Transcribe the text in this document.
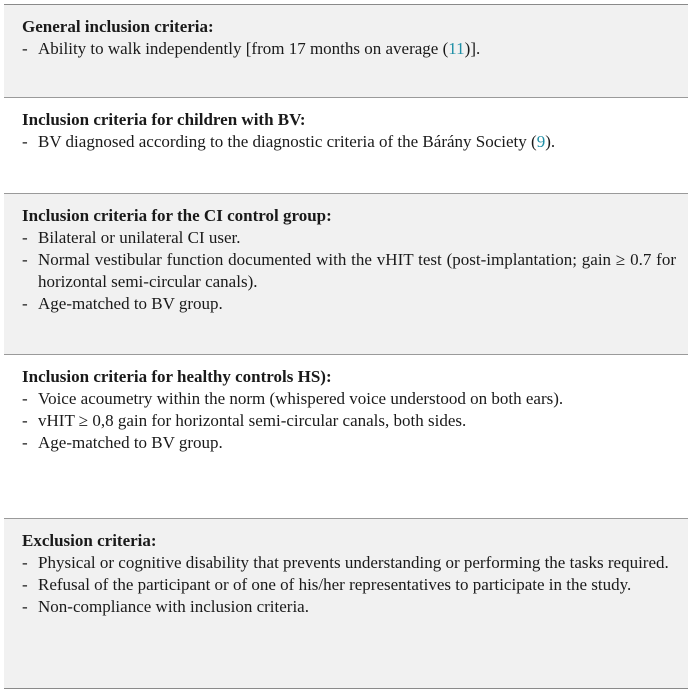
General inclusion criteria:
- Ability to walk independently [from 17 months on average (11)].
Inclusion criteria for children with BV:
- BV diagnosed according to the diagnostic criteria of the Bárány Society (9).
Inclusion criteria for the CI control group:
- Bilateral or unilateral CI user.
- Normal vestibular function documented with the vHIT test (post-implantation; gain ≥ 0.7 for horizontal semi-circular canals).
- Age-matched to BV group.
Inclusion criteria for healthy controls HS):
- Voice acoumetry within the norm (whispered voice understood on both ears).
- vHIT ≥ 0,8 gain for horizontal semi-circular canals, both sides.
- Age-matched to BV group.
Exclusion criteria:
- Physical or cognitive disability that prevents understanding or performing the tasks required.
- Refusal of the participant or of one of his/her representatives to participate in the study.
- Non-compliance with inclusion criteria.
